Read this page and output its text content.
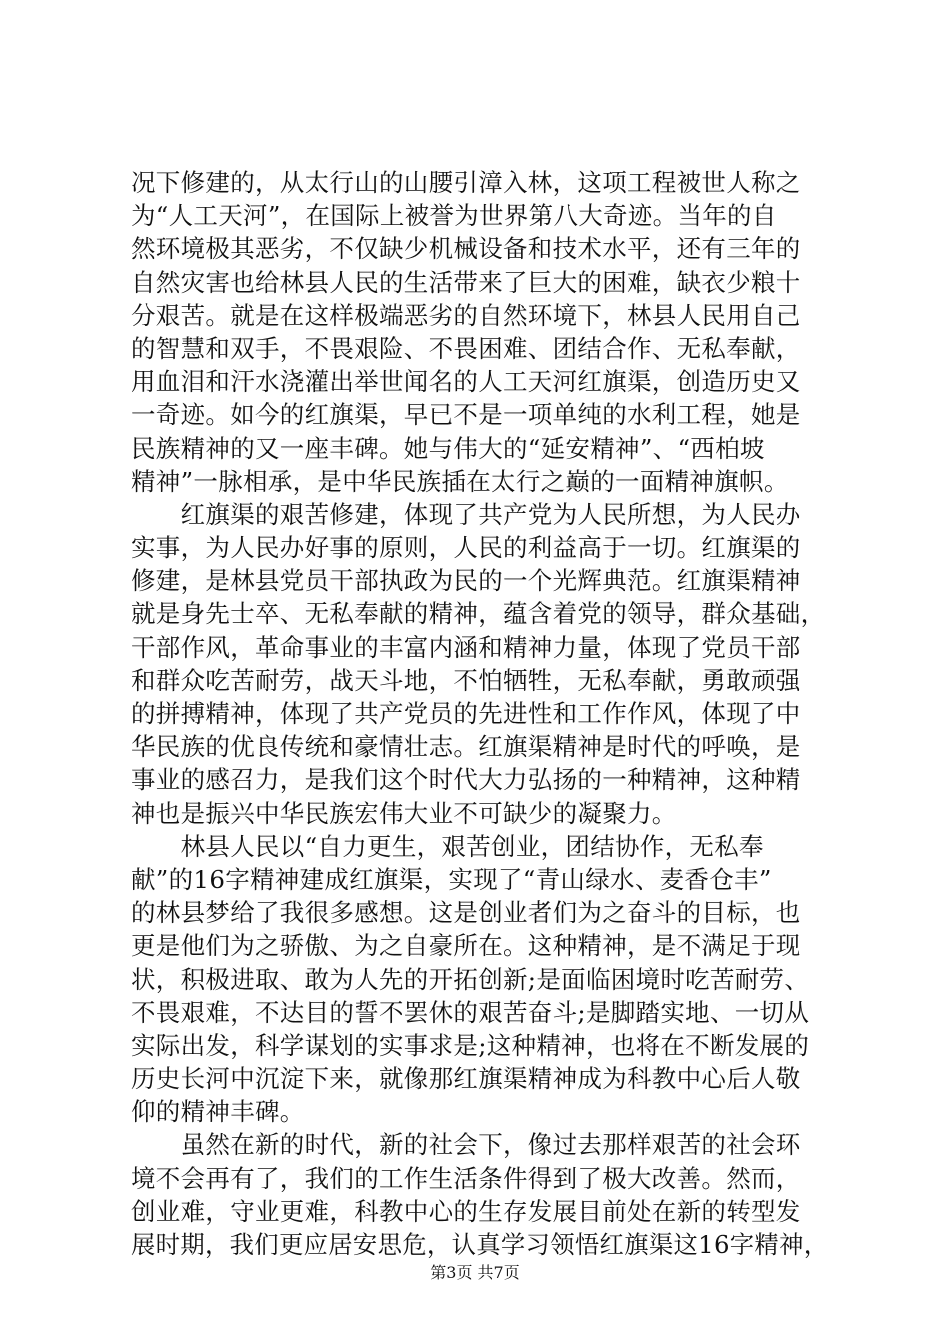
况下修建的，从太行山的山腰引漳入林，这项工程被世人称之
为“人工天河”，在国际上被誉为世界第八大奇迹。当年的自
然环境极其恶劣，不仅缺少机械设备和技术水平，还有三年的
自然灾害也给林县人民的生活带来了巨大的困难，缺衣少粮十
分艰苦。就是在这样极端恶劣的自然环境下，林县人民用自己
的智慧和双手，不畏艰险、不畏困难、团结合作、无私奉献，
用血泪和汗水浇灌出举世闻名的人工天河红旗渠，创造历史又
一奇迹。如今的红旗渠，早已不是一项单纯的水利工程，她是
民族精神的又一座丰碑。她与伟大的“延安精神”、“西柏坡
精神”一脉相承，是中华民族插在太行之巅的一面精神旗帜。
　　红旗渠的艰苦修建，体现了共产党为人民所想，为人民办
实事，为人民办好事的原则，人民的利益高于一切。红旗渠的
修建，是林县党员干部执政为民的一个光辉典范。红旗渠精神
就是身先士卒、无私奉献的精神，蕴含着党的领导，群众基础，
干部作风，革命事业的丰富内涵和精神力量，体现了党员干部
和群众吃苦耐劳，战天斗地，不怕牺牲，无私奉献，勇敢顽强
的拼搏精神，体现了共产党员的先进性和工作作风，体现了中
华民族的优良传统和豪情壮志。红旗渠精神是时代的呼唤，是
事业的感召力，是我们这个时代大力弘扬的一种精神，这种精
神也是振兴中华民族宏伟大业不可缺少的凝聚力。
　　林县人民以“自力更生，艰苦创业，团结协作，无私奉
献”的16字精神建成红旗渠，实现了“青山绿水、麦香仓丰”
的林县梦给了我很多感想。这是创业者们为之奋斗的目标，也
更是他们为之骄傲、为之自豪所在。这种精神，是不满足于现
状，积极进取、敢为人先的开拓创新;是面临困境时吃苦耐劳、
不畏艰难，不达目的誓不罢休的艰苦奋斗;是脚踏实地、一切从
实际出发，科学谋划的实事求是;这种精神，也将在不断发展的
历史长河中沉淀下来，就像那红旗渠精神成为科教中心后人敬
仰的精神丰碑。
　　虽然在新的时代，新的社会下，像过去那样艰苦的社会环
境不会再有了，我们的工作生活条件得到了极大改善。然而，
创业难，守业更难，科教中心的生存发展目前处在新的转型发
展时期，我们更应居安思危，认真学习领悟红旗渠这16字精神，
第3页 共7页
